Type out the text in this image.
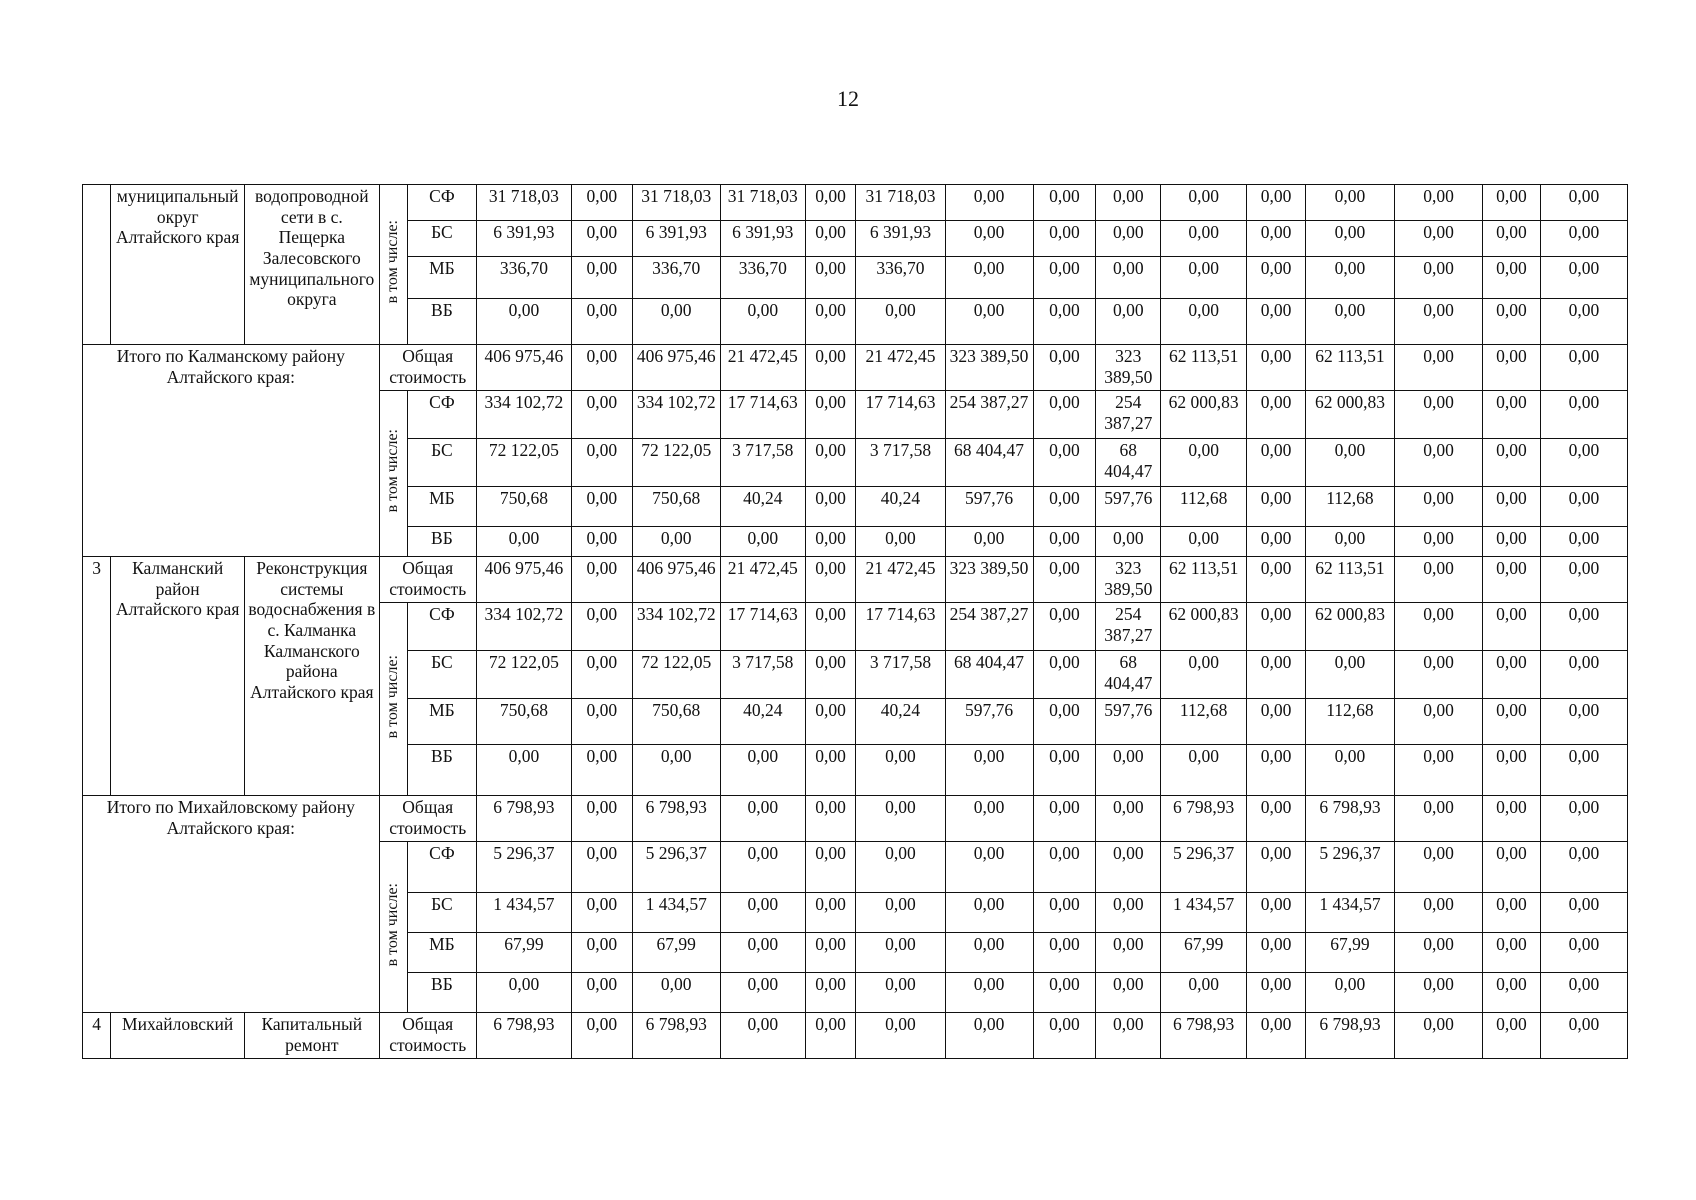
12
	муниципальный округ Алтайского края	водопроводной сети в с. Пещерка Залесовского муниципального округа	в том числе:	СФ	31 718,03	0,00	31 718,03	31 718,03	0,00	31 718,03	0,00	0,00	0,00	0,00	0,00	0,00	0,00	0,00	0,00
				БС	6 391,93	0,00	6 391,93	6 391,93	0,00	6 391,93	0,00	0,00	0,00	0,00	0,00	0,00	0,00	0,00	0,00
				МБ	336,70	0,00	336,70	336,70	0,00	336,70	0,00	0,00	0,00	0,00	0,00	0,00	0,00	0,00	0,00
				ВБ	0,00	0,00	0,00	0,00	0,00	0,00	0,00	0,00	0,00	0,00	0,00	0,00	0,00	0,00	0,00
Итого по Калманскому району Алтайского края:			Общая стоимость		406 975,46	0,00	406 975,46	21 472,45	0,00	21 472,45	323 389,50	0,00	323 389,50	62 113,51	0,00	62 113,51	0,00	0,00	0,00
			в том числе:	СФ	334 102,72	0,00	334 102,72	17 714,63	0,00	17 714,63	254 387,27	0,00	254 387,27	62 000,83	0,00	62 000,83	0,00	0,00	0,00
				БС	72 122,05	0,00	72 122,05	3 717,58	0,00	3 717,58	68 404,47	0,00	68 404,47	0,00	0,00	0,00	0,00	0,00	0,00
				МБ	750,68	0,00	750,68	40,24	0,00	40,24	597,76	0,00	597,76	112,68	0,00	112,68	0,00	0,00	0,00
				ВБ	0,00	0,00	0,00	0,00	0,00	0,00	0,00	0,00	0,00	0,00	0,00	0,00	0,00	0,00	0,00
3	Калманский район Алтайского края	Реконструкция системы водоснабжения в с. Калманка Калманского района Алтайского края	Общая стоимость		406 975,46	0,00	406 975,46	21 472,45	0,00	21 472,45	323 389,50	0,00	323 389,50	62 113,51	0,00	62 113,51	0,00	0,00	0,00
			в том числе:	СФ	334 102,72	0,00	334 102,72	17 714,63	0,00	17 714,63	254 387,27	0,00	254 387,27	62 000,83	0,00	62 000,83	0,00	0,00	0,00
				БС	72 122,05	0,00	72 122,05	3 717,58	0,00	3 717,58	68 404,47	0,00	68 404,47	0,00	0,00	0,00	0,00	0,00	0,00
				МБ	750,68	0,00	750,68	40,24	0,00	40,24	597,76	0,00	597,76	112,68	0,00	112,68	0,00	0,00	0,00
				ВБ	0,00	0,00	0,00	0,00	0,00	0,00	0,00	0,00	0,00	0,00	0,00	0,00	0,00	0,00	0,00
Итого по Михайловскому району Алтайского края:			Общая стоимость		6 798,93	0,00	6 798,93	0,00	0,00	0,00	0,00	0,00	0,00	6 798,93	0,00	6 798,93	0,00	0,00	0,00
			в том числе:	СФ	5 296,37	0,00	5 296,37	0,00	0,00	0,00	0,00	0,00	0,00	5 296,37	0,00	5 296,37	0,00	0,00	0,00
				БС	1 434,57	0,00	1 434,57	0,00	0,00	0,00	0,00	0,00	0,00	1 434,57	0,00	1 434,57	0,00	0,00	0,00
				МБ	67,99	0,00	67,99	0,00	0,00	0,00	0,00	0,00	0,00	67,99	0,00	67,99	0,00	0,00	0,00
				ВБ	0,00	0,00	0,00	0,00	0,00	0,00	0,00	0,00	0,00	0,00	0,00	0,00	0,00	0,00	0,00
4	Михайловский	Капитальный ремонт	Общая стоимость		6 798,93	0,00	6 798,93	0,00	0,00	0,00	0,00	0,00	0,00	6 798,93	0,00	6 798,93	0,00	0,00	0,00
